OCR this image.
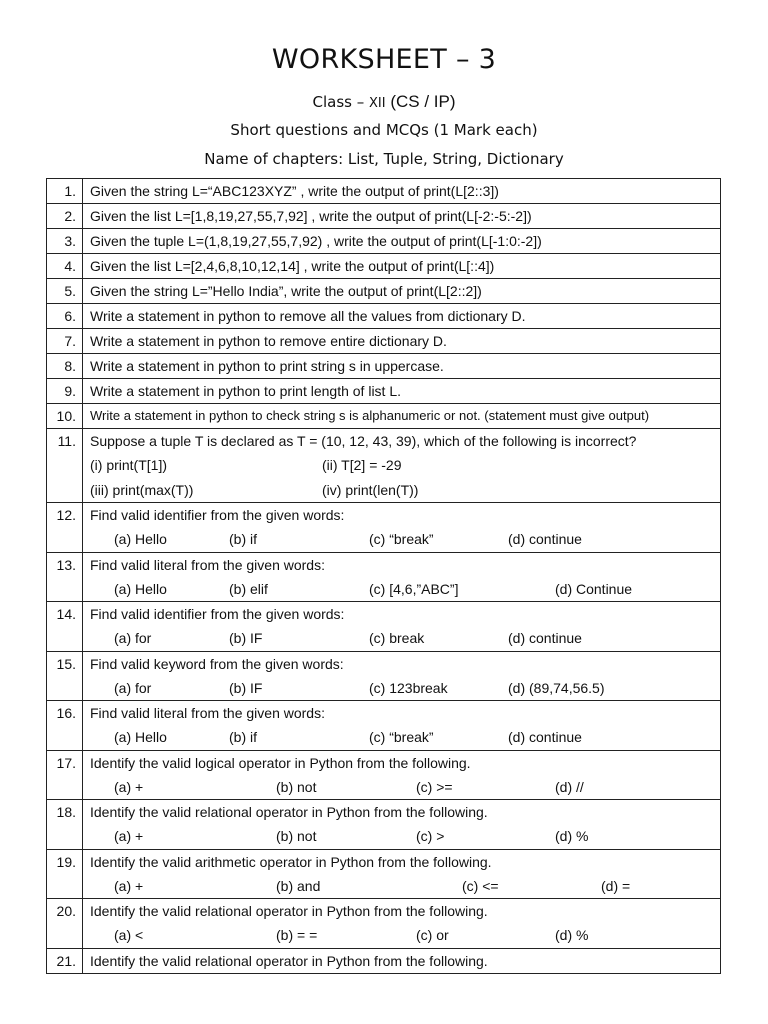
WORKSHEET – 3
Class – XII (CS / IP)
Short questions and MCQs (1 Mark each)
Name of chapters: List, Tuple, String, Dictionary
1.	Given the string L=“ABC123XYZ” , write the output of print(L[2::3])

2.	Given the list L=[1,8,19,27,55,7,92] , write the output of print(L[-2:-5:-2])

3.	Given the tuple L=(1,8,19,27,55,7,92) , write the output of print(L[-1:0:-2])

4.	Given the list L=[2,4,6,8,10,12,14] , write the output of print(L[::4])

5.	Given the string L=”Hello India”, write the output of print(L[2::2])

6.	Write a statement in python to remove all the values from dictionary D.

7.	Write a statement in python to remove entire dictionary D.

8.	Write a statement in python to print string s in uppercase.

9.	Write a statement in python to print length of list L.

10.	Write a statement in python to check string s is alphanumeric or not. (statement must give output)

11.	Suppose a tuple T is declared as T = (10, 12, 43, 39), which of the following is incorrect?
(i) print(T[1]) (ii) T[2] = -29
(iii) print(max(T)) (iv) print(len(T))

12.	Find valid identifier from the given words:
(a) Hello (b) if (c) “break” (d) continue

13.	Find valid literal from the given words:
(a) Hello (b) elif (c) [4,6,”ABC”] (d) Continue

14.	Find valid identifier from the given words:
(a) for (b) IF (c) break (d) continue

15.	Find valid keyword from the given words:
(a) for (b) IF (c) 123break (d) (89,74,56.5)

16.	Find valid literal from the given words:
(a) Hello (b) if (c) “break” (d) continue

17.	Identify the valid logical operator in Python from the following.
(a) + (b) not (c) >= (d) //

18.	Identify the valid relational operator in Python from the following.
(a) + (b) not (c) > (d) %

19.	Identify the valid arithmetic operator in Python from the following.
(a) + (b) and (c) <= (d) =

20.	Identify the valid relational operator in Python from the following.
(a) < (b) = = (c) or (d) %

21.	Identify the valid relational operator in Python from the following.
